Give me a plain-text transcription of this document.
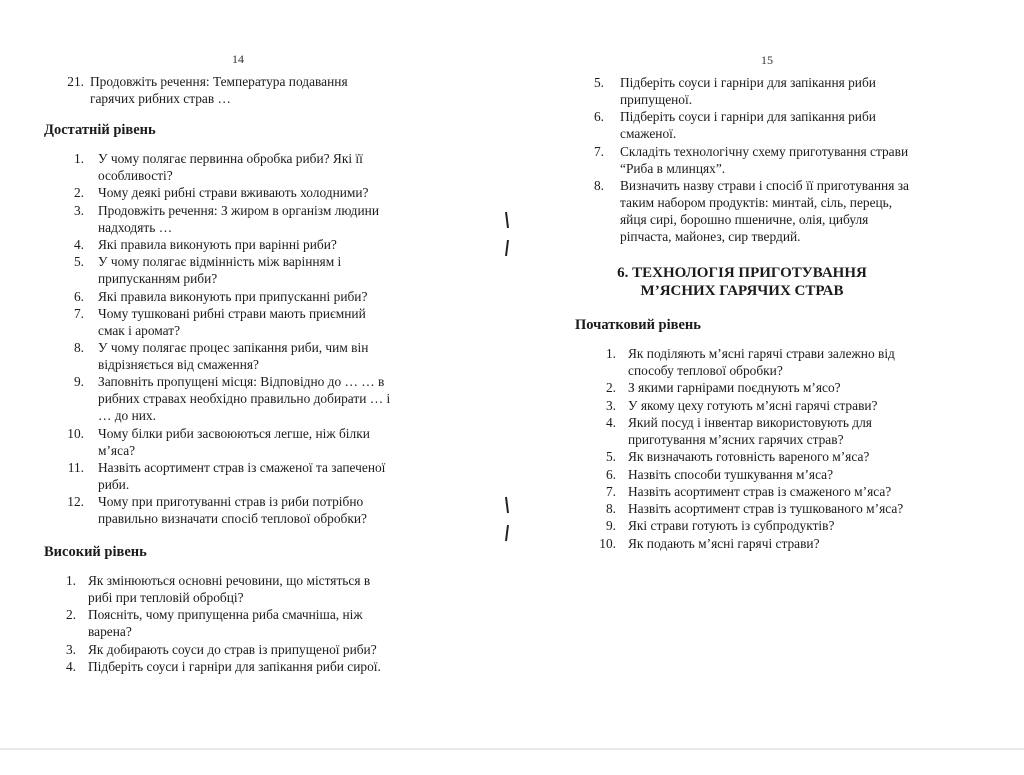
14
21. Продовжіть речення: Температура подавання
гарячих рибних страв …
Достатній рівень
1. У чому полягає первинна обробка риби? Які її
особливості?
2. Чому деякі рибні страви вживають холодними?
3. Продовжіть речення: З жиром в організм людини
надходять …
4. Які правила виконують при варінні риби?
5. У чому полягає відмінність між варінням і
припусканням риби?
6. Які правила виконують при припусканні риби?
7. Чому тушковані рибні страви мають приємний
смак і аромат?
8. У чому полягає процес запікання риби, чим він
відрізняється від смаження?
9. Заповніть пропущені місця: Відповідно до … … в
рибних стравах необхідно правильно добирати … і
… до них.
10. Чому білки риби засвоюються легше, ніж білки
м’яса?
11. Назвіть асортимент страв із смаженої та запеченої
риби.
12. Чому при приготуванні страв із риби потрібно
правильно визначати спосіб теплової обробки?
Високий рівень
1. Як змінюються основні речовини, що містяться в
рибі при тепловій обробці?
2. Поясніть, чому припущенна риба смачніша, ніж
варена?
3. Як добирають соуси до страв із припущеної риби?
4. Підберіть соуси і гарніри для запікання риби сирої.
15
5. Підберіть соуси і гарніри для запікання риби
припущеної.
6. Підберіть соуси і гарніри для запікання риби
смаженої.
7. Складіть технологічну схему приготування страви
“Риба в млинцях”.
8. Визначить назву страви і спосіб її приготування за
таким набором продуктів: минтай, сіль, перець,
яйця сирі, борошно пшеничне, олія, цибуля
ріпчаста, майонез, сир твердий.
6. ТЕХНОЛОГІЯ ПРИГОТУВАННЯ
М’ЯСНИХ ГАРЯЧИХ СТРАВ
Початковий рівень
1. Як поділяють м’ясні гарячі страви залежно від
способу теплової обробки?
2. З якими гарнірами поєднують м’ясо?
3. У якому цеху готують м’ясні гарячі страви?
4. Який посуд і інвентар використовують для
приготування м’ясних гарячих страв?
5. Як визначають готовність вареного м’яса?
6. Назвіть способи тушкування м’яса?
7. Назвіть асортимент страв із смаженого м’яса?
8. Назвіть асортимент страв із тушкованого м’яса?
9. Які страви готують із субпродуктів?
10. Як подають м’ясні гарячі страви?
